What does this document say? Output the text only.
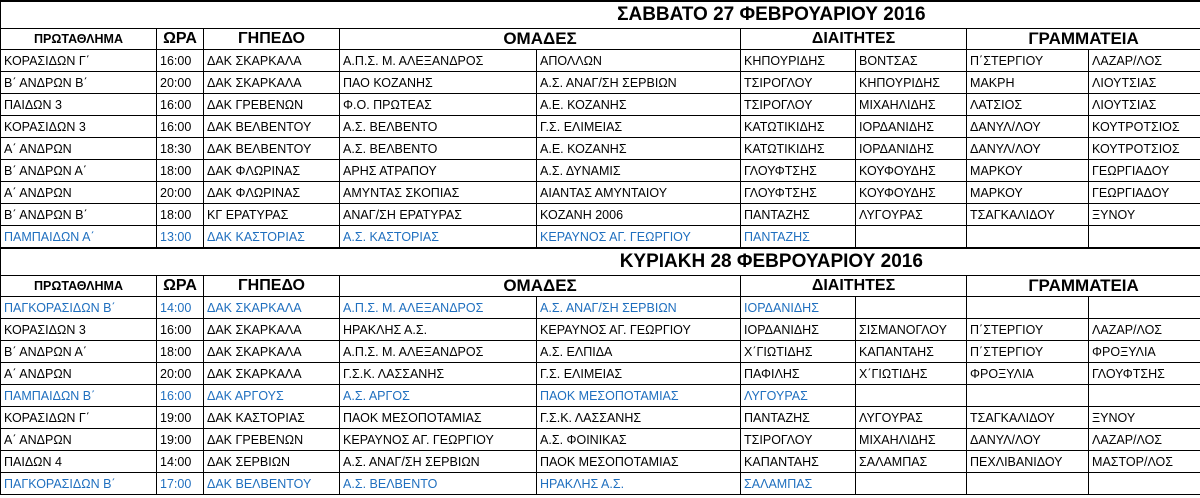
			ΣΑΒΒΑΤΟ 27 ΦΕΒΡΟΥΑΡΙΟΥ 2016					
ΠΡΩΤΑΘΛΗΜΑ	ΩΡΑ	ΓΗΠΕΔΟ	ΟΜΑΔΕΣ		ΔΙΑΙΤΗΤΕΣ		ΓΡΑΜΜΑΤΕΙΑ	
ΚΟΡΑΣΙΔΩΝ Γ΄	16:00	ΔΑΚ ΣΚΑΡΚΑΛΑ	Α.Π.Σ. Μ. ΑΛΕΞΑΝΔΡΟΣ	ΑΠΟΛΛΩΝ	ΚΗΠΟΥΡΙΔΗΣ	ΒΟΝΤΣΑΣ	Π΄ΣΤΕΡΓΙΟΥ	ΛΑΖΑΡ/ΛΟΣ
Β΄ ΑΝΔΡΩΝ Β΄	20:00	ΔΑΚ ΣΚΑΡΚΑΛΑ	ΠΑΟ ΚΟΖΑΝΗΣ	Α.Σ. ΑΝΑΓ/ΣΗ ΣΕΡΒΙΩΝ	ΤΣΙΡΟΓΛΟΥ	ΚΗΠΟΥΡΙΔΗΣ	ΜΑΚΡΗ	ΛΙΟΥΤΣΙΑΣ
ΠΑΙΔΩΝ 3	16:00	ΔΑΚ ΓΡΕΒΕΝΩΝ	Φ.Ο. ΠΡΩΤΕΑΣ	Α.Ε. ΚΟΖΑΝΗΣ	ΤΣΙΡΟΓΛΟΥ	ΜΙΧΑΗΛΙΔΗΣ	ΛΑΤΣΙΟΣ	ΛΙΟΥΤΣΙΑΣ
ΚΟΡΑΣΙΔΩΝ 3	16:00	ΔΑΚ ΒΕΛΒΕΝΤΟΥ	Α.Σ. ΒΕΛΒΕΝΤΟ	Γ.Σ. ΕΛΙΜΕΙΑΣ	ΚΑΤΩΤΙΚΙΔΗΣ	ΙΟΡΔΑΝΙΔΗΣ	ΔΑΝΥΛ/ΛΟΥ	ΚΟΥΤΡΟΤΣΙΟΣ
Α΄ ΑΝΔΡΩΝ	18:30	ΔΑΚ ΒΕΛΒΕΝΤΟΥ	Α.Σ. ΒΕΛΒΕΝΤΟ	Α.Ε. ΚΟΖΑΝΗΣ	ΚΑΤΩΤΙΚΙΔΗΣ	ΙΟΡΔΑΝΙΔΗΣ	ΔΑΝΥΛ/ΛΟΥ	ΚΟΥΤΡΟΤΣΙΟΣ
Β΄ ΑΝΔΡΩΝ Α΄	18:00	ΔΑΚ ΦΛΩΡΙΝΑΣ	ΑΡΗΣ ΑΤΡΑΠΟΥ	Α.Σ. ΔΥΝΑΜΙΣ	ΓΛΟΥΦΤΣΗΣ	ΚΟΥΦΟΥΔΗΣ	ΜΑΡΚΟΥ	ΓΕΩΡΓΙΑΔΟΥ
Α΄ ΑΝΔΡΩΝ	20:00	ΔΑΚ ΦΛΩΡΙΝΑΣ	ΑΜΥΝΤΑΣ ΣΚΟΠΙΑΣ	ΑΙΑΝΤΑΣ ΑΜΥΝΤΑΙΟΥ	ΓΛΟΥΦΤΣΗΣ	ΚΟΥΦΟΥΔΗΣ	ΜΑΡΚΟΥ	ΓΕΩΡΓΙΑΔΟΥ
Β΄ ΑΝΔΡΩΝ Β΄	18:00	ΚΓ ΕΡΑΤΥΡΑΣ	ΑΝΑΓ/ΣΗ ΕΡΑΤΥΡΑΣ	ΚΟΖΑΝΗ 2006	ΠΑΝΤΑΖΗΣ	ΛΥΓΟΥΡΑΣ	ΤΣΑΓΚΑΛΙΔΟΥ	ΞΥΝΟΥ
ΠΑΜΠΑΙΔΩΝ Α΄	13:00	ΔΑΚ ΚΑΣΤΟΡΙΑΣ	Α.Σ. ΚΑΣΤΟΡΙΑΣ	ΚΕΡΑΥΝΟΣ ΑΓ. ΓΕΩΡΓΙΟΥ	ΠΑΝΤΑΖΗΣ			
			ΚΥΡΙΑΚΗ 28 ΦΕΒΡΟΥΑΡΙΟΥ 2016					
ΠΡΩΤΑΘΛΗΜΑ	ΩΡΑ	ΓΗΠΕΔΟ	ΟΜΑΔΕΣ		ΔΙΑΙΤΗΤΕΣ		ΓΡΑΜΜΑΤΕΙΑ	
ΠΑΓΚΟΡΑΣΙΔΩΝ Β΄	14:00	ΔΑΚ ΣΚΑΡΚΑΛΑ	Α.Π.Σ. Μ. ΑΛΕΞΑΝΔΡΟΣ	Α.Σ. ΑΝΑΓ/ΣΗ ΣΕΡΒΙΩΝ	ΙΟΡΔΑΝΙΔΗΣ			
ΚΟΡΑΣΙΔΩΝ 3	16:00	ΔΑΚ ΣΚΑΡΚΑΛΑ	ΗΡΑΚΛΗΣ Α.Σ.	ΚΕΡΑΥΝΟΣ ΑΓ. ΓΕΩΡΓΙΟΥ	ΙΟΡΔΑΝΙΔΗΣ	ΣΙΣΜΑΝΟΓΛΟΥ	Π΄ΣΤΕΡΓΙΟΥ	ΛΑΖΑΡ/ΛΟΣ
Β΄ ΑΝΔΡΩΝ Α΄	18:00	ΔΑΚ ΣΚΑΡΚΑΛΑ	Α.Π.Σ. Μ. ΑΛΕΞΑΝΔΡΟΣ	Α.Σ. ΕΛΠΙΔΑ	Χ΄ΓΙΩΤΙΔΗΣ	ΚΑΠΑΝΤΑΗΣ	Π΄ΣΤΕΡΓΙΟΥ	ΦΡΟΞΥΛΙΑ
Α΄ ΑΝΔΡΩΝ	20:00	ΔΑΚ ΣΚΑΡΚΑΛΑ	Γ.Σ.Κ. ΛΑΣΣΑΝΗΣ	Γ.Σ. ΕΛΙΜΕΙΑΣ	ΠΑΦΙΛΗΣ	Χ΄ΓΙΩΤΙΔΗΣ	ΦΡΟΞΥΛΙΑ	ΓΛΟΥΦΤΣΗΣ
ΠΑΜΠΑΙΔΩΝ Β΄	16:00	ΔΑΚ ΑΡΓΟΥΣ	Α.Σ. ΑΡΓΟΣ	ΠΑΟΚ ΜΕΣΟΠΟΤΑΜΙΑΣ	ΛΥΓΟΥΡΑΣ			
ΚΟΡΑΣΙΔΩΝ Γ΄	19:00	ΔΑΚ ΚΑΣΤΟΡΙΑΣ	ΠΑΟΚ ΜΕΣΟΠΟΤΑΜΙΑΣ	Γ.Σ.Κ. ΛΑΣΣΑΝΗΣ	ΠΑΝΤΑΖΗΣ	ΛΥΓΟΥΡΑΣ	ΤΣΑΓΚΑΛΙΔΟΥ	ΞΥΝΟΥ
Α΄ ΑΝΔΡΩΝ	19:00	ΔΑΚ ΓΡΕΒΕΝΩΝ	ΚΕΡΑΥΝΟΣ ΑΓ. ΓΕΩΡΓΙΟΥ	Α.Σ. ΦΟΙΝΙΚΑΣ	ΤΣΙΡΟΓΛΟΥ	ΜΙΧΑΗΛΙΔΗΣ	ΔΑΝΥΛ/ΛΟΥ	ΛΑΖΑΡ/ΛΟΣ
ΠΑΙΔΩΝ 4	14:00	ΔΑΚ ΣΕΡΒΙΩΝ	Α.Σ. ΑΝΑΓ/ΣΗ ΣΕΡΒΙΩΝ	ΠΑΟΚ ΜΕΣΟΠΟΤΑΜΙΑΣ	ΚΑΠΑΝΤΑΗΣ	ΣΑΛΑΜΠΑΣ	ΠΕΧΛΙΒΑΝΙΔΟΥ	ΜΑΣΤΟΡ/ΛΟΣ
ΠΑΓΚΟΡΑΣΙΔΩΝ Β΄	17:00	ΔΑΚ ΒΕΛΒΕΝΤΟΥ	Α.Σ. ΒΕΛΒΕΝΤΟ	ΗΡΑΚΛΗΣ Α.Σ.	ΣΑΛΑΜΠΑΣ			
